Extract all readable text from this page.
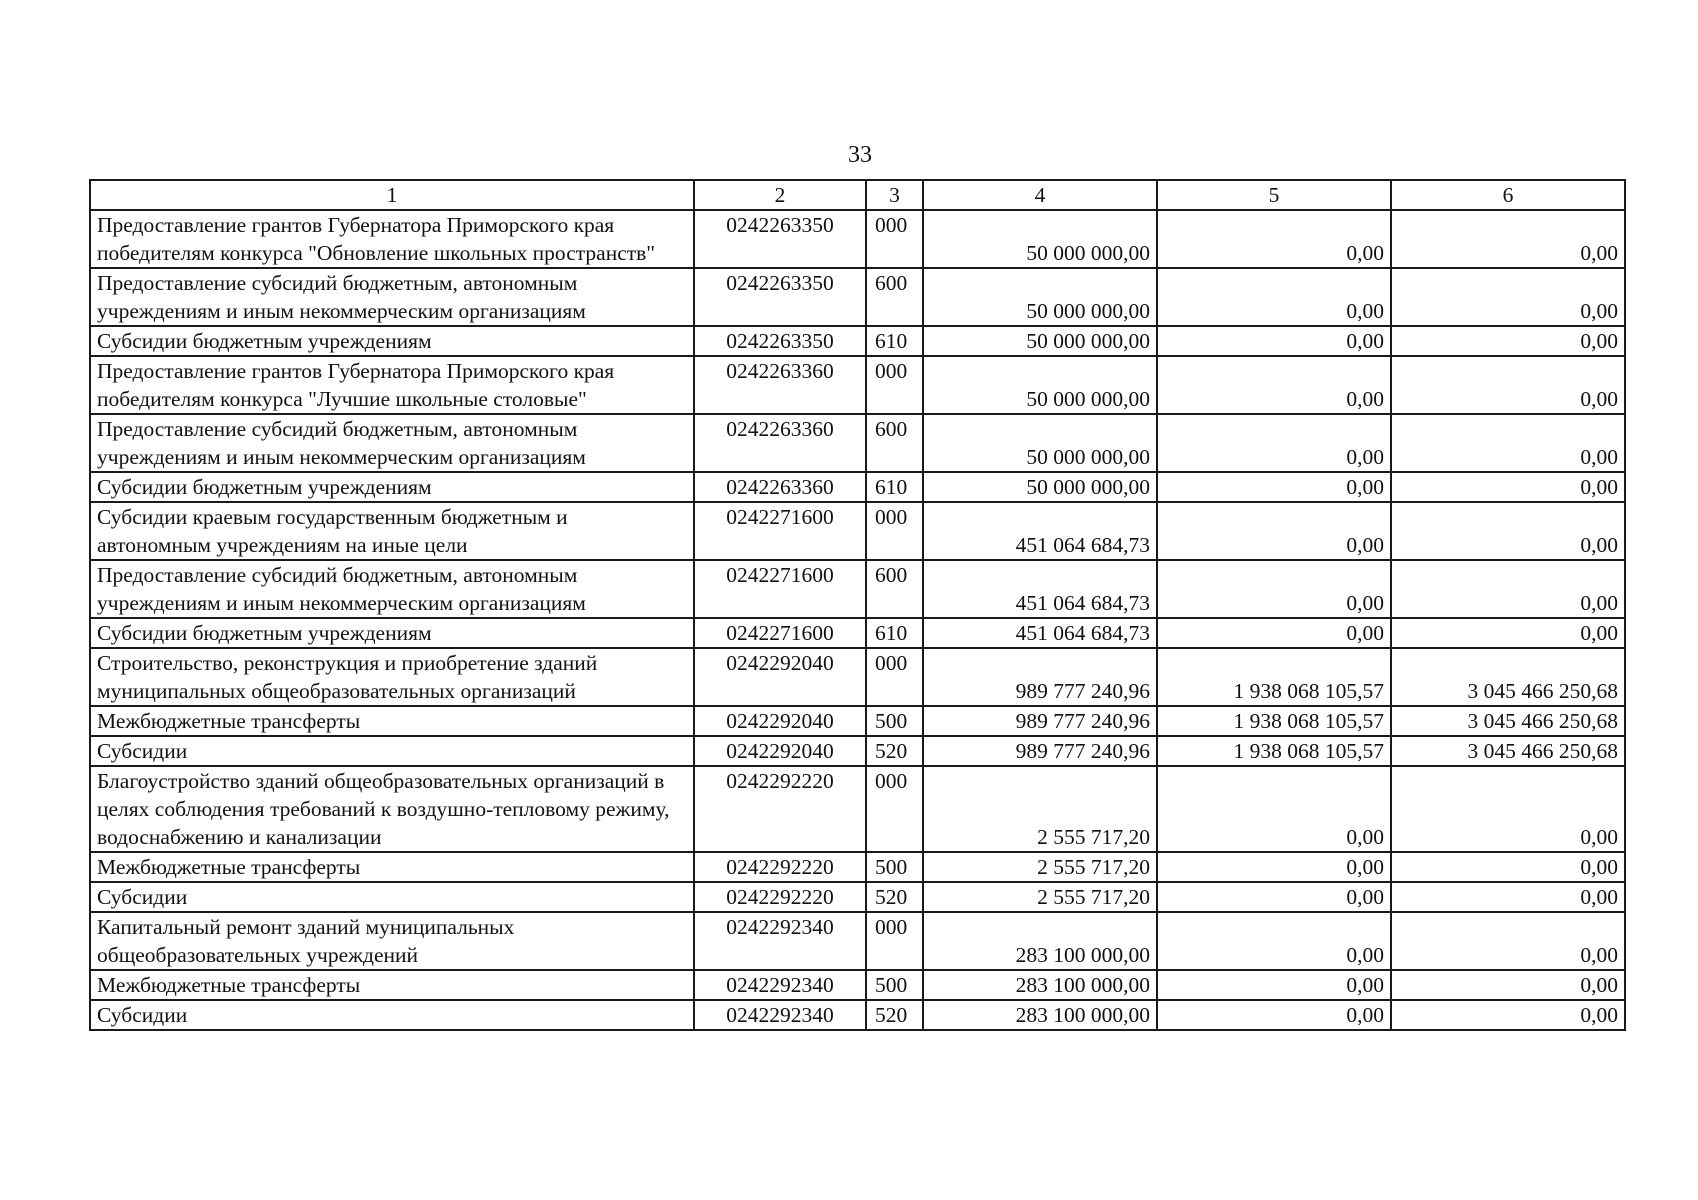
33
1	2	3	4	5	6
Предоставление грантов Губернатора Приморского края победителям конкурса "Обновление школьных пространств"	0242263350	000	50 000 000,00	0,00	0,00
Предоставление субсидий бюджетным, автономным учреждениям и иным некоммерческим организациям	0242263350	600	50 000 000,00	0,00	0,00
Субсидии бюджетным учреждениям	0242263350	610	50 000 000,00	0,00	0,00
Предоставление грантов Губернатора Приморского края победителям конкурса "Лучшие школьные столовые"	0242263360	000	50 000 000,00	0,00	0,00
Предоставление субсидий бюджетным, автономным учреждениям и иным некоммерческим организациям	0242263360	600	50 000 000,00	0,00	0,00
Субсидии бюджетным учреждениям	0242263360	610	50 000 000,00	0,00	0,00
Субсидии краевым государственным бюджетным и автономным учреждениям на иные цели	0242271600	000	451 064 684,73	0,00	0,00
Предоставление субсидий бюджетным, автономным учреждениям и иным некоммерческим организациям	0242271600	600	451 064 684,73	0,00	0,00
Субсидии бюджетным учреждениям	0242271600	610	451 064 684,73	0,00	0,00
Строительство, реконструкция и приобретение зданий муниципальных общеобразовательных организаций	0242292040	000	989 777 240,96	1 938 068 105,57	3 045 466 250,68
Межбюджетные трансферты	0242292040	500	989 777 240,96	1 938 068 105,57	3 045 466 250,68
Субсидии	0242292040	520	989 777 240,96	1 938 068 105,57	3 045 466 250,68
Благоустройство зданий общеобразовательных организаций в целях соблюдения требований к воздушно-тепловому режиму, водоснабжению и канализации	0242292220	000	2 555 717,20	0,00	0,00
Межбюджетные трансферты	0242292220	500	2 555 717,20	0,00	0,00
Субсидии	0242292220	520	2 555 717,20	0,00	0,00
Капитальный ремонт зданий муниципальных общеобразовательных учреждений	0242292340	000	283 100 000,00	0,00	0,00
Межбюджетные трансферты	0242292340	500	283 100 000,00	0,00	0,00
Субсидии	0242292340	520	283 100 000,00	0,00	0,00
